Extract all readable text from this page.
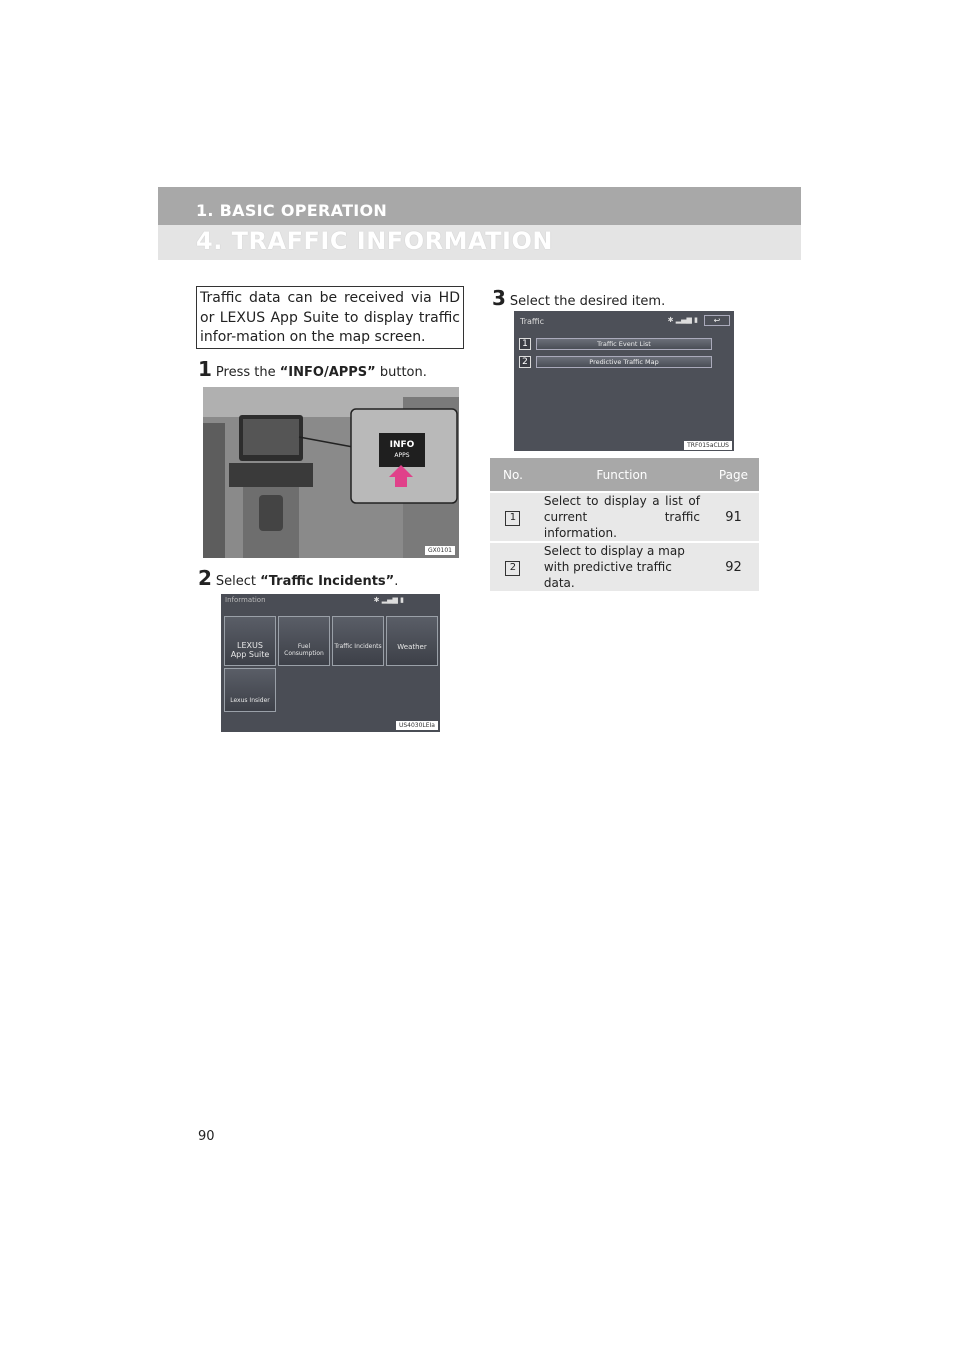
1. BASIC OPERATION
4. TRAFFIC INFORMATION
Traffic data can be received via HD or LEXUS App Suite to display traffic infor-mation on the map screen.
1 Press the “INFO/APPS” button.
INFO
APPS
GX0101
2 Select “Traffic Incidents”.
Information	✱ ▂▄▆ ▮
LEXUS
App Suite
Fuel Consumption
Traffic Incidents	Weather
Lexus Insider
US4030LEIa
3 Select the desired item.
Traffic	✱ ▂▄▆ ▮	↩
1	Traffic Event List
2	Predictive Traffic Map
TRF015aCLUS
No.	Function	Page
1	Select to display a list of current traffic information.	91
2	Select to display a map with predictive traffic data.	92
90
